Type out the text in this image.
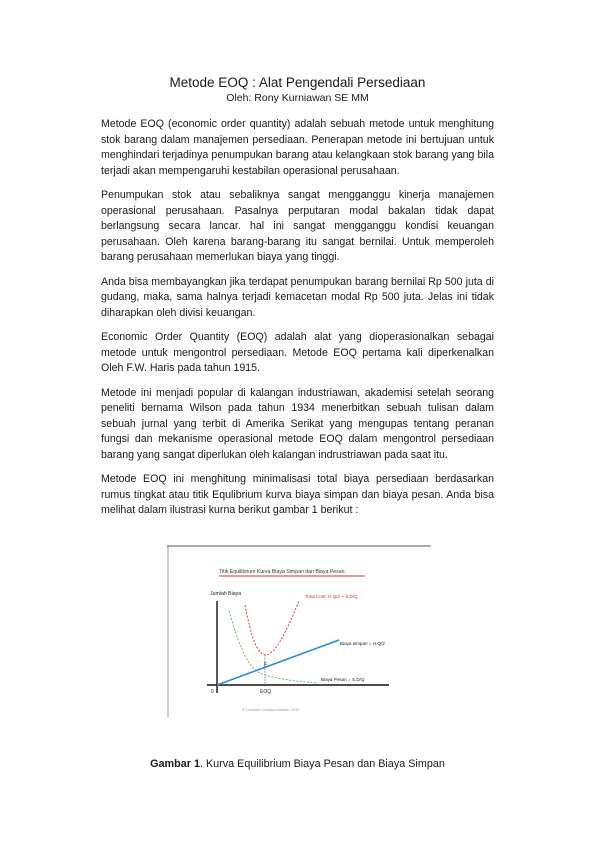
Metode EOQ : Alat Pengendali Persediaan
Oleh: Rony Kurniawan SE MM

Metode EOQ (economic order quantity) adalah sebuah metode untuk menghitung stok barang dalam manajemen persediaan. Penerapan metode ini bertujuan untuk menghindari terjadinya penumpukan barang atau kelangkaan stok barang yang bila terjadi akan mempengaruhi kestabilan operasional perusahaan.

Penumpukan stok atau sebaliknya sangat mengganggu kinerja manajemen operasional perusahaan. Pasalnya perputaran modal bakalan tidak dapat berlangsung secara lancar. hal ini sangat mengganggu kondisi keuangan perusahaan. Oleh karena barang-barang itu sangat bernilai. Untuk memperoleh barang perusahaan memerlukan biaya yang tinggi.

Anda bisa membayangkan jika terdapat penumpukan barang bernilai Rp 500 juta di gudang, maka, sama halnya terjadi kemacetan modal Rp 500 juta. Jelas ini tidak diharapkan oleh divisi keuangan.

Economic Order Quantity (EOQ) adalah alat yang dioperasionalkan sebagai metode untuk mengontrol persediaan. Metode EOQ pertama kali diperkenalkan Oleh F.W. Haris pada tahun 1915.

Metode ini menjadi popular di kalangan industriawan, akademisi setelah seorang peneliti bernama Wilson pada tahun 1934 menerbitkan sebuah tulisan dalam sebuah jurnal yang terbit di Amerika Serikat yang mengupas tentang peranan fungsi dan mekanisme operasional metode EOQ dalam mengontrol persediaan barang yang sangat diperlukan oleh kalangan indrustriawan pada saat itu.

Metode EOQ ini menghitung minimalisasi total biaya persediaan berdasarkan rumus tingkat atau titik Equlibrium kurva biaya simpan dan biaya pesan. Anda bisa melihat dalam ilustrasi kurna berikut gambar 1 berikut :

Titik Equilibrium Kurva Biaya Simpan dan Biaya Pesan
Jumlah Biaya
F
0	EOQ
Total Cost: H.Q/2 + S.D/Q
Biaya simpan = H.Q/2
Biaya Pesan = S.D/Q
© Lubiseb ronnykurniawan 2012
Gambar 1. Kurva Equilibrium Biaya Pesan dan Biaya Simpan
